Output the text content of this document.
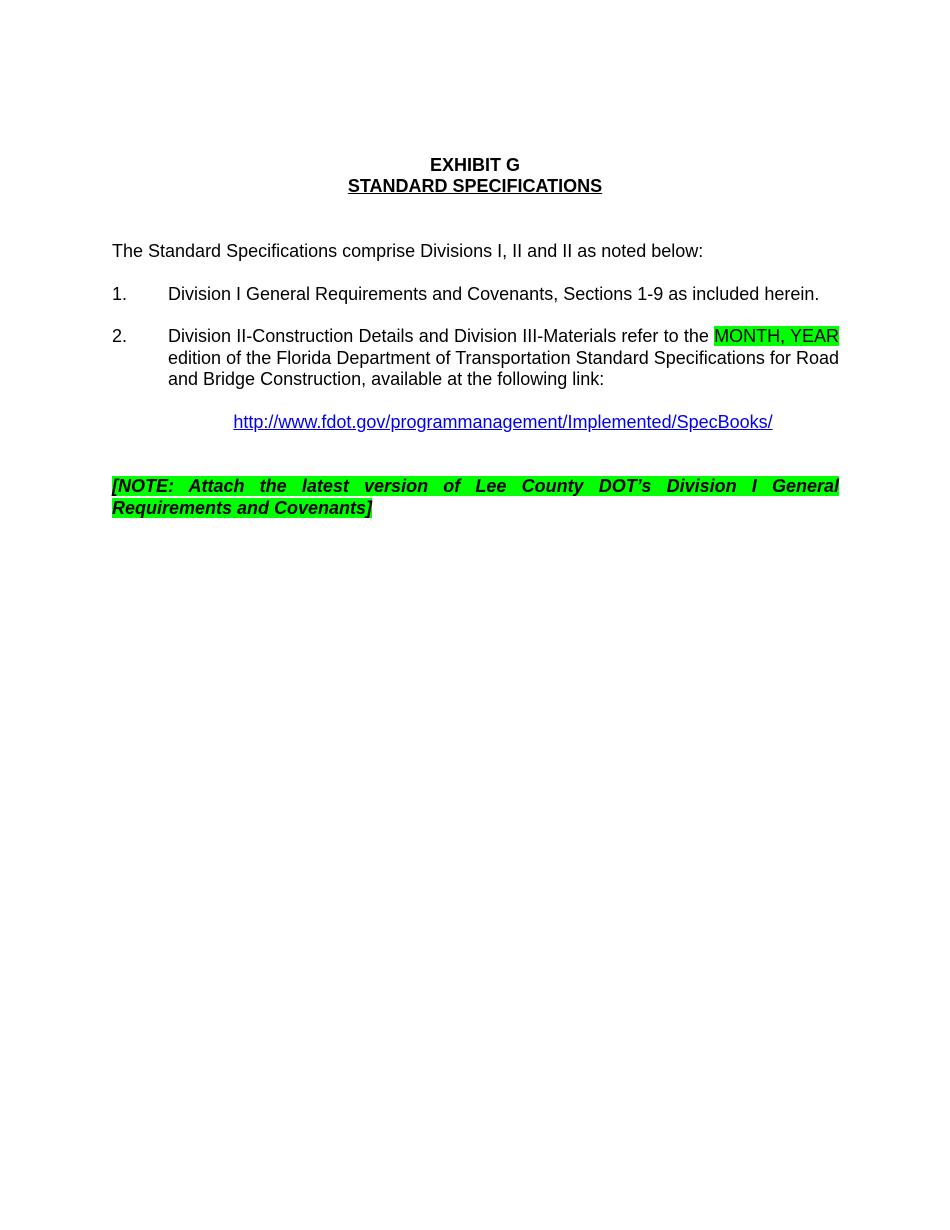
EXHIBIT G
STANDARD SPECIFICATIONS
The Standard Specifications comprise Divisions I, II and II as noted below:
1. Division I General Requirements and Covenants, Sections 1-9 as included herein.
2. Division II-Construction Details and Division III-Materials refer to the MONTH, YEAR edition of the Florida Department of Transportation Standard Specifications for Road and Bridge Construction, available at the following link:
http://www.fdot.gov/programmanagement/Implemented/SpecBooks/
[NOTE: Attach the latest version of Lee County DOT’s Division I General Requirements and Covenants]
